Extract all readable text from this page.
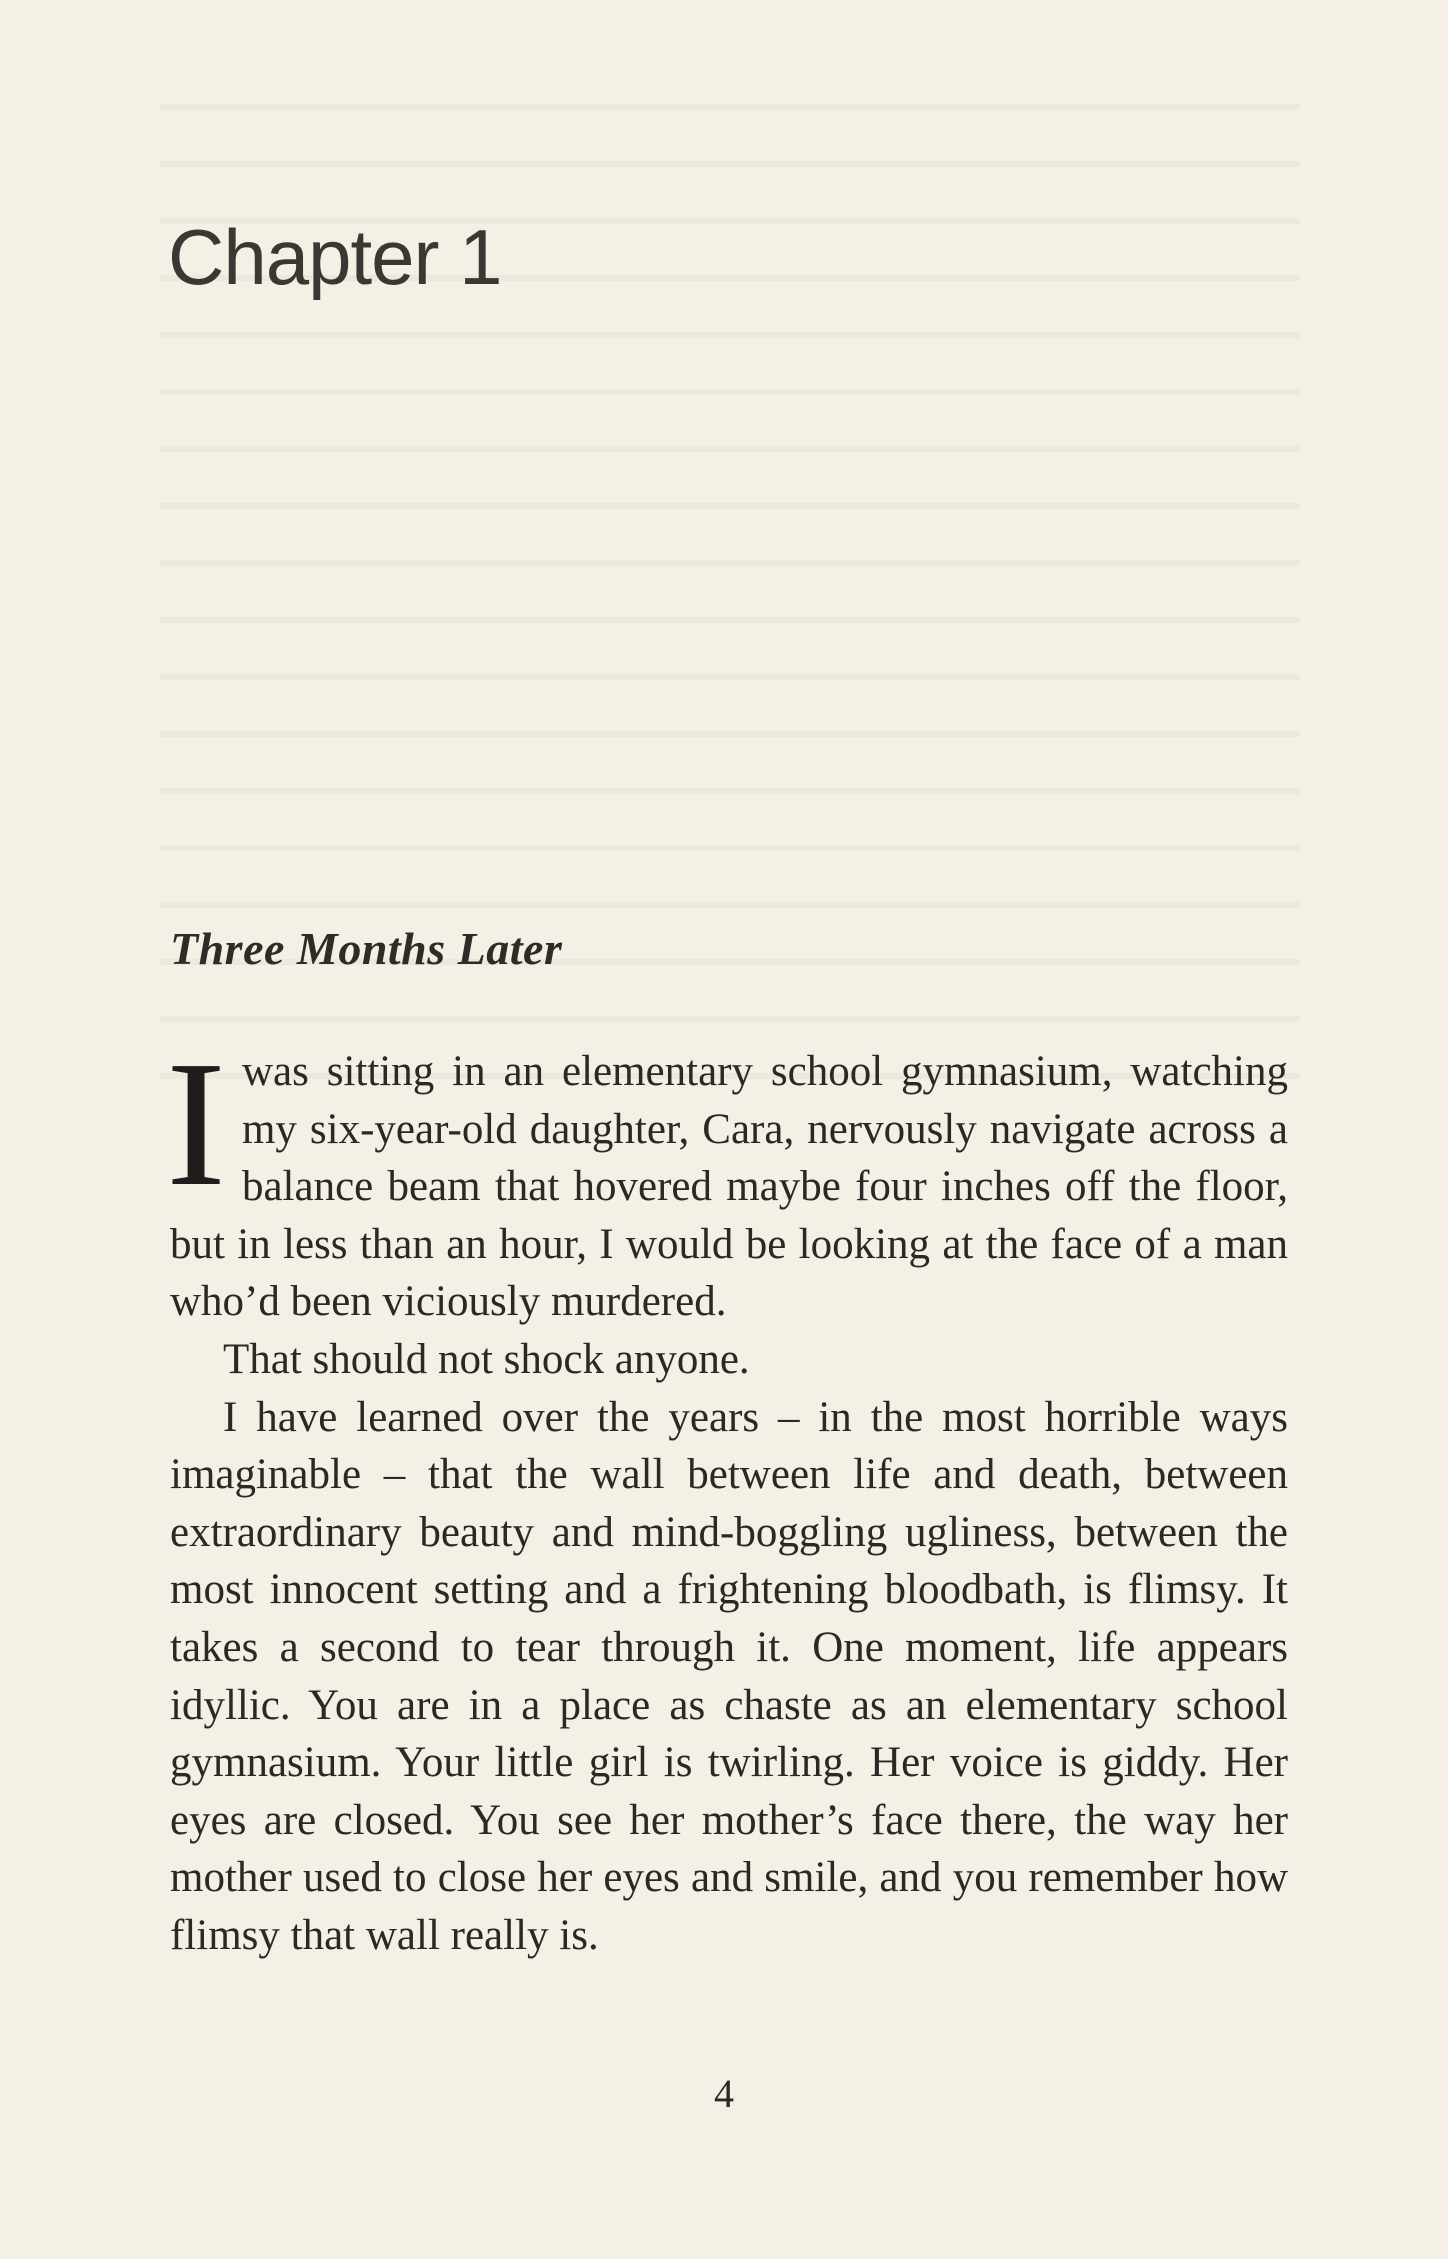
Chapter 1
Three Months Later

Iwas sitting in an elementary school gymnasium, watching my six-year-old daughter, Cara, nervously navigate across a balance beam that hovered maybe four inches off the floor, but in less than an hour, I would be looking at the face of a man who’d been viciously murdered.

That should not shock anyone.

I have learned over the years – in the most horrible ways imaginable – that the wall between life and death, between extraordinary beauty and mind-boggling ugliness, between the most innocent setting and a frightening bloodbath, is flimsy. It takes a second to tear through it. One moment, life appears idyllic. You are in a place as chaste as an elementary school gymnasium. Your little girl is twirling. Her voice is giddy. Her eyes are closed. You see her mother’s face there, the way her mother used to close her eyes and smile, and you remember how flimsy that wall really is.

4
